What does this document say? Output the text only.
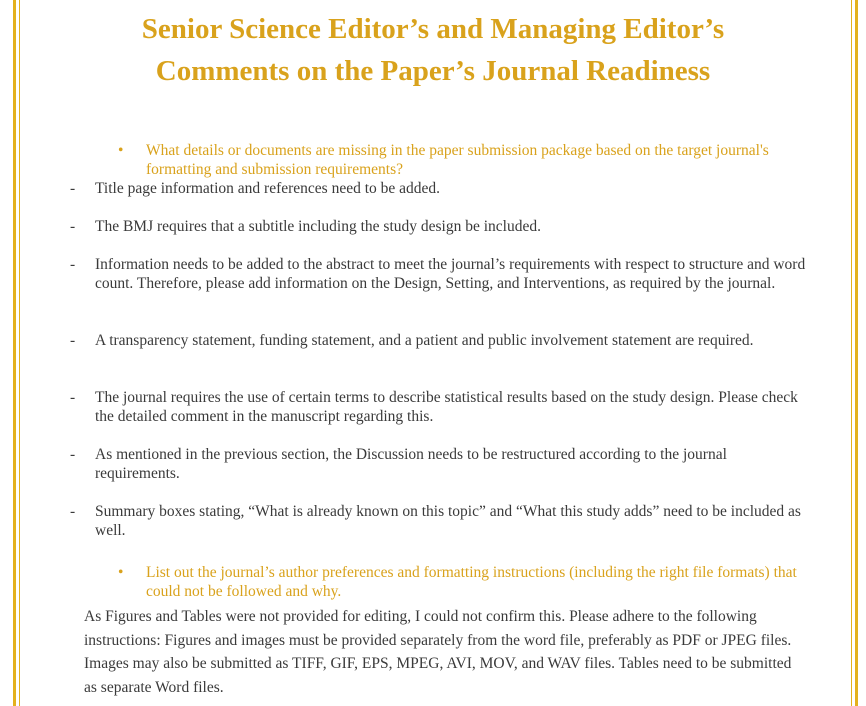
Senior Science Editor’s and Managing Editor’s
Comments on the Paper’s Journal Readiness
•	What details or documents are missing in the paper submission package based on the target journal's formatting and submission requirements?
-	Title page information and references need to be added.
-	The BMJ requires that a subtitle including the study design be included.
-	Information needs to be added to the abstract to meet the journal’s requirements with respect to structure and word count. Therefore, please add information on the Design, Setting, and Interventions, as required by the journal.
-	A transparency statement, funding statement, and a patient and public involvement statement are required.
-	The journal requires the use of certain terms to describe statistical results based on the study design. Please check the detailed comment in the manuscript regarding this.
-	As mentioned in the previous section, the Discussion needs to be restructured according to the journal requirements.
-	Summary boxes stating, “What is already known on this topic” and “What this study adds” need to be included as well.
•	List out the journal’s author preferences and formatting instructions (including the right file formats) that could not be followed and why.
As Figures and Tables were not provided for editing, I could not confirm this. Please adhere to the following instructions: Figures and images must be provided separately from the word file, preferably as PDF or JPEG files. Images may also be submitted as TIFF, GIF, EPS, MPEG, AVI, MOV, and WAV files. Tables need to be submitted as separate Word files.
